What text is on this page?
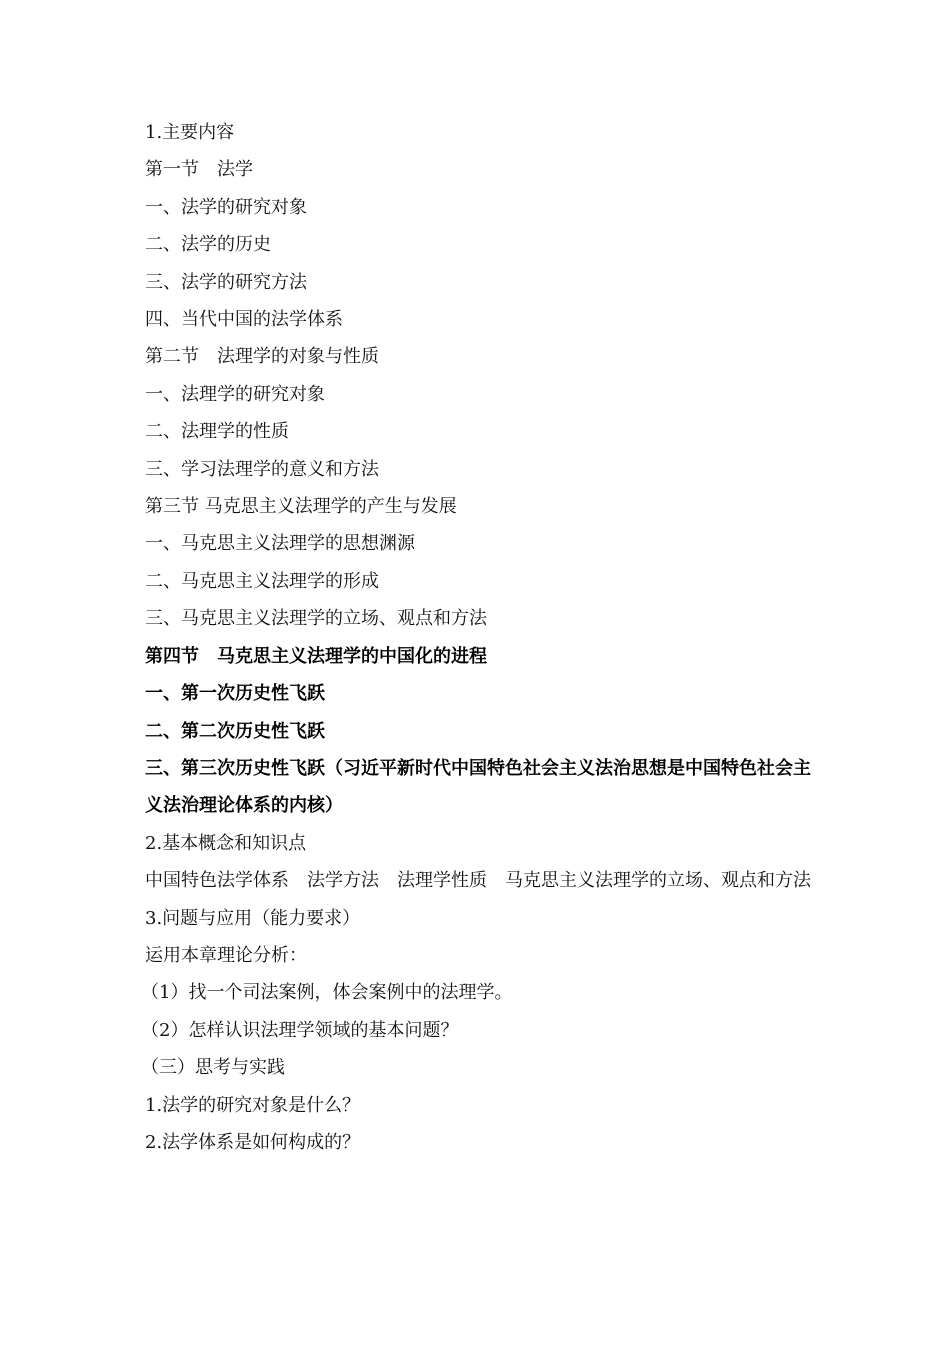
1.主要内容
第一节　法学
一、法学的研究对象
二、法学的历史
三、法学的研究方法
四、当代中国的法学体系
第二节　法理学的对象与性质
一、法理学的研究对象
二、法理学的性质
三、学习法理学的意义和方法
第三节 马克思主义法理学的产生与发展
一、马克思主义法理学的思想渊源
二、马克思主义法理学的形成
三、马克思主义法理学的立场、观点和方法
第四节　马克思主义法理学的中国化的进程
一、第一次历史性飞跃
二、第二次历史性飞跃
三、第三次历史性飞跃（习近平新时代中国特色社会主义法治思想是中国特色社会主义法治理论体系的内核）
2.基本概念和知识点
中国特色法学体系　法学方法　法理学性质　马克思主义法理学的立场、观点和方法
3.问题与应用（能力要求）
运用本章理论分析：
（1）找一个司法案例，体会案例中的法理学。
（2）怎样认识法理学领域的基本问题？
（三）思考与实践
1.法学的研究对象是什么？
2.法学体系是如何构成的？
